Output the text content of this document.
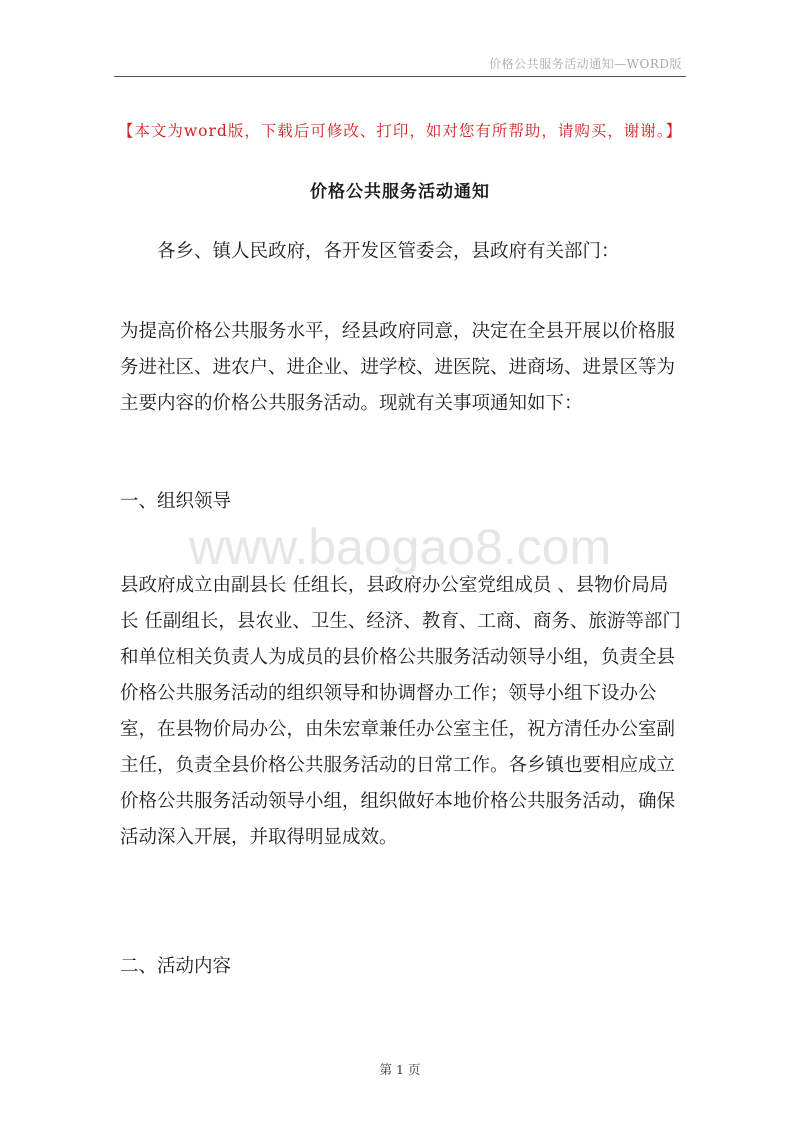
价格公共服务活动通知—WORD版
【本文为word版，下载后可修改、打印，如对您有所帮助，请购买，谢谢。】
价格公共服务活动通知

各乡、镇人民政府，各开发区管委会，县政府有关部门：

为提高价格公共服务水平，经县政府同意，决定在全县开展以价格服务进社区、进农户、进企业、进学校、进医院、进商场、进景区等为主要内容的价格公共服务活动。现就有关事项通知如下：

一、组织领导

www.baogao8.com

县政府成立由副县长 任组长，县政府办公室党组成员 、县物价局局长 任副组长，县农业、卫生、经济、教育、工商、商务、旅游等部门和单位相关负责人为成员的县价格公共服务活动领导小组，负责全县价格公共服务活动的组织领导和协调督办工作；领导小组下设办公室，在县物价局办公，由朱宏章兼任办公室主任，祝方清任办公室副主任，负责全县价格公共服务活动的日常工作。各乡镇也要相应成立价格公共服务活动领导小组，组织做好本地价格公共服务活动，确保活动深入开展，并取得明显成效。

二、活动内容

第 1 页
